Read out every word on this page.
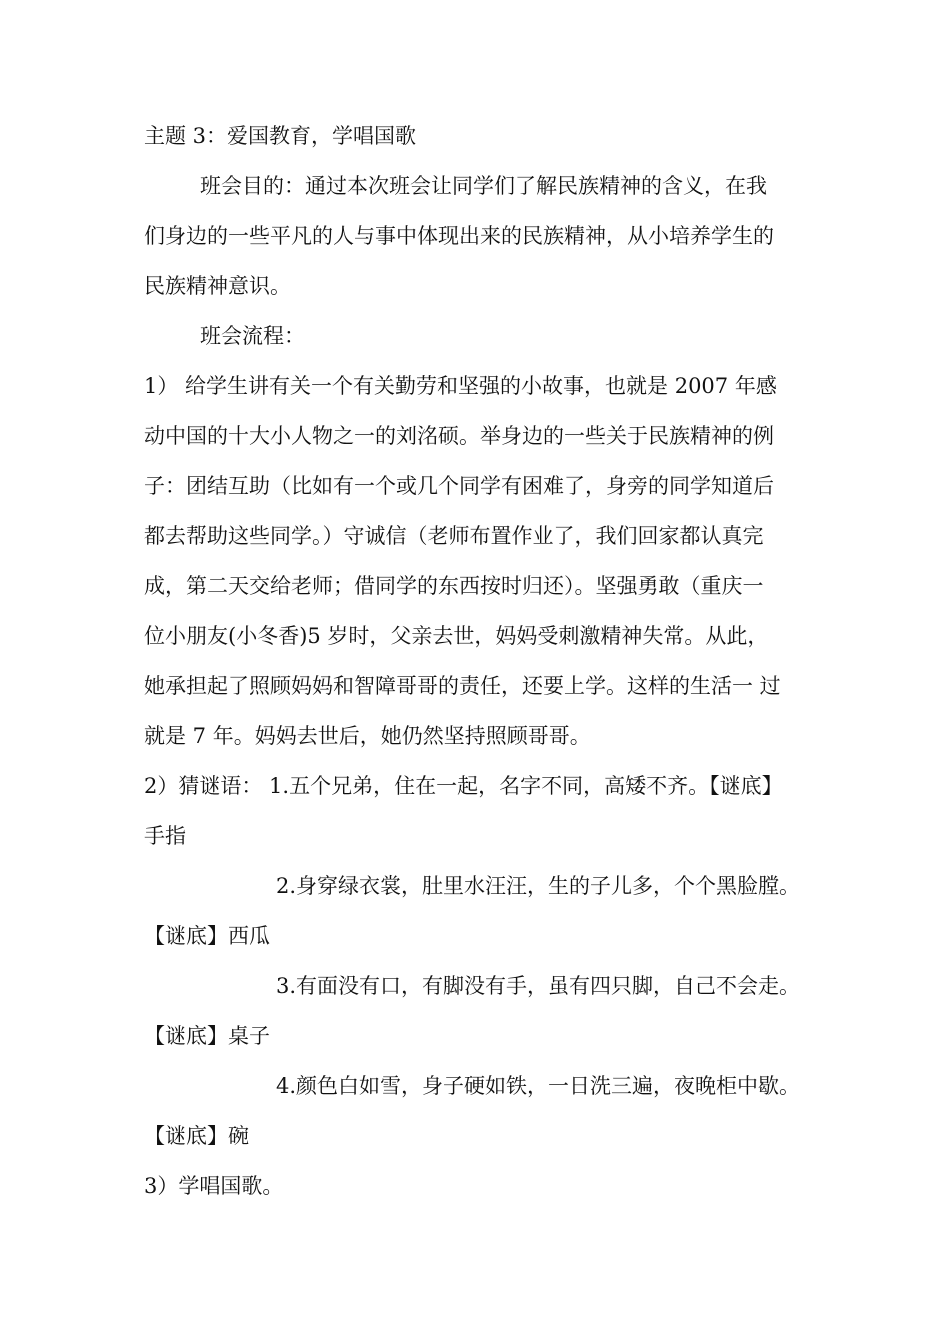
主题 3：爱国教育，学唱国歌
班会目的：通过本次班会让同学们了解民族精神的含义，在我
们身边的一些平凡的人与事中体现出来的民族精神，从小培养学生的
民族精神意识。
班会流程：
1） 给学生讲有关一个有关勤劳和坚强的小故事，也就是 2007 年感
动中国的十大小人物之一的刘洺硕。举身边的一些关于民族精神的例
子：团结互助（比如有一个或几个同学有困难了，身旁的同学知道后
都去帮助这些同学。）守诚信（老师布置作业了，我们回家都认真完
成，第二天交给老师；借同学的东西按时归还）。坚强勇敢（重庆一
位小朋友(小冬香)5 岁时，父亲去世，妈妈受刺激精神失常。从此，
她承担起了照顾妈妈和智障哥哥的责任，还要上学。这样的生活一 过
就是 7 年。妈妈去世后，她仍然坚持照顾哥哥。
2）猜谜语： 1.五个兄弟，住在一起，名字不同，高矮不齐。【谜底】
手指
2.身穿绿衣裳，肚里水汪汪，生的子儿多，个个黑脸膛。
【谜底】西瓜
3.有面没有口，有脚没有手，虽有四只脚，自己不会走。
【谜底】桌子
4.颜色白如雪，身子硬如铁，一日洗三遍，夜晚柜中歇。
【谜底】碗
3）学唱国歌。
